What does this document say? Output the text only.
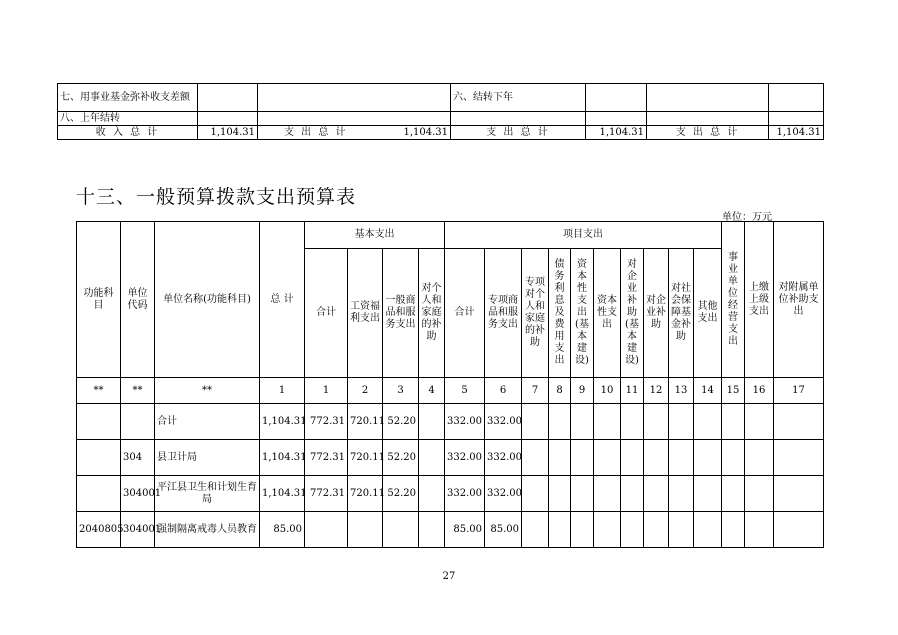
七、用事业基金弥补收支差额			六、结转下年			
八、上年结转						
收 入 总 计	1,104.31	支 出 总 计 1,104.31	支 出 总 计	1,104.31	支 出 总 计	1,104.31
十三、一般预算拨款支出预算表
单位：万元
功能科目	单位代码	单位名称(功能科目)	总 计	基本支出				项目支出										事业单位经营支出	上缴上级支出	对附属单位补助支出
				合计	工资福利支出	一般商品和服务支出	对个人和家庭的补助	合计	专项商品和服务支出	专项对个人和家庭的补助	债务利息及费用支出	资本性支出(基本建设)	资本性支出	对企业补助(基本建设)	对企业补助	对社会保障基金补助	其他支出			
**	**	**	1	1	2	3	4	5	6	7	8	9	10	11	12	13	14	15	16	17
		合计	1,104.31	772.31	720.11	52.20		332.00	332.00											
	304	县卫计局	1,104.31	772.31	720.11	52.20		332.00	332.00											
	304001	平江县卫生和计划生育局	1,104.31	772.31	720.11	52.20		332.00	332.00											
2040805	304001	强制隔离戒毒人员教育	85.00					85.00	85.00											
27
